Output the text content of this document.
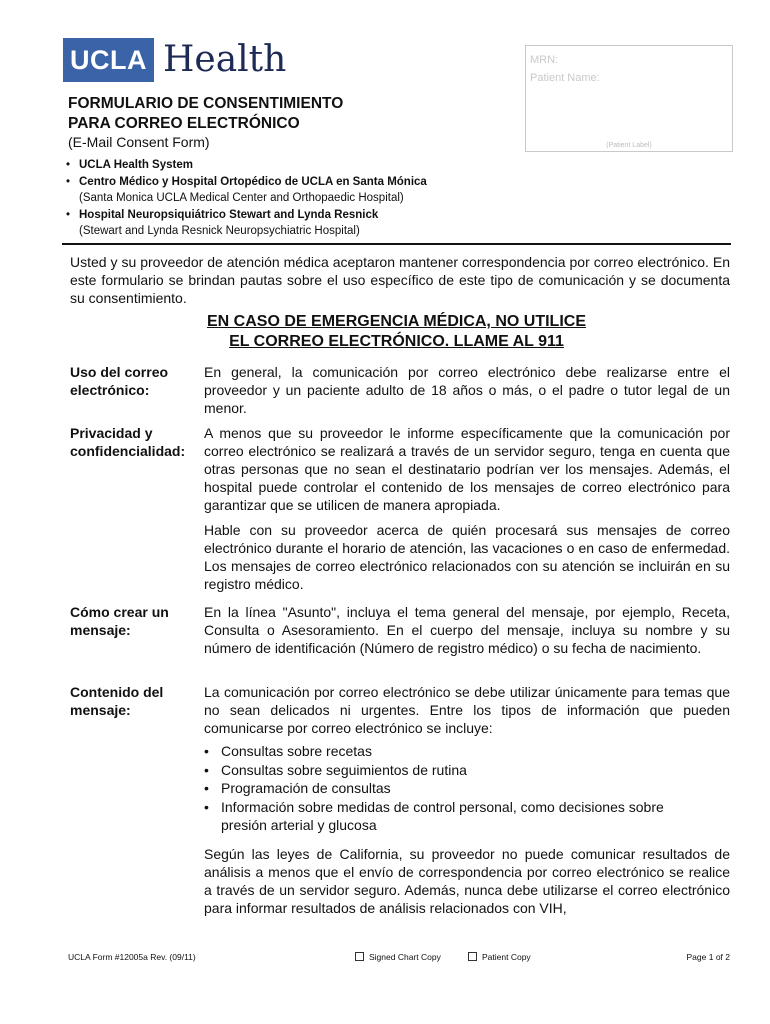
UCLA Health	MRN:
Patient Name:
(Patient Label)
FORMULARIO DE CONSENTIMIENTO
PARA CORREO ELECTRÓNICO
(E-Mail Consent Form)
• UCLA Health System
• Centro Médico y Hospital Ortopédico de UCLA en Santa Mónica
(Santa Monica UCLA Medical Center and Orthopaedic Hospital)
• Hospital Neuropsiquiátrico Stewart and Lynda Resnick
(Stewart and Lynda Resnick Neuropsychiatric Hospital)
Usted y su proveedor de atención médica aceptaron mantener correspondencia por correo electrónico. En este formulario se brindan pautas sobre el uso específico de este tipo de comunicación y se documenta su consentimiento.
EN CASO DE EMERGENCIA MÉDICA, NO UTILICE
EL CORREO ELECTRÓNICO. LLAME AL 911
Uso del correo
electrónico:
En general, la comunicación por correo electrónico debe realizarse entre el proveedor y un paciente adulto de 18 años o más, o el padre o tutor legal de un menor.
Privacidad y
confidencialidad:
A menos que su proveedor le informe específicamente que la comunicación por correo electrónico se realizará a través de un servidor seguro, tenga en cuenta que otras personas que no sean el destinatario podrían ver los mensajes. Además, el hospital puede controlar el contenido de los mensajes de correo electrónico para garantizar que se utilicen de manera apropiada.
Hable con su proveedor acerca de quién procesará sus mensajes de correo electrónico durante el horario de atención, las vacaciones o en caso de enfermedad. Los mensajes de correo electrónico relacionados con su atención se incluirán en su registro médico.
Cómo crear un
mensaje:
En la línea "Asunto", incluya el tema general del mensaje, por ejemplo, Receta, Consulta o Asesoramiento. En el cuerpo del mensaje, incluya su nombre y su número de identificación (Número de registro médico) o su fecha de nacimiento.
Contenido del
mensaje:
La comunicación por correo electrónico se debe utilizar únicamente para temas que no sean delicados ni urgentes. Entre los tipos de información que pueden comunicarse por correo electrónico se incluye:
• Consultas sobre recetas
• Consultas sobre seguimientos de rutina
• Programación de consultas
• Información sobre medidas de control personal, como decisiones sobre presión arterial y glucosa
Según las leyes de California, su proveedor no puede comunicar resultados de análisis a menos que el envío de correspondencia por correo electrónico se realice a través de un servidor seguro. Además, nunca debe utilizarse el correo electrónico para informar resultados de análisis relacionados con VIH,
UCLA Form #12005a Rev. (09/11)	Signed Chart Copy	Patient Copy	Page 1 of 2
